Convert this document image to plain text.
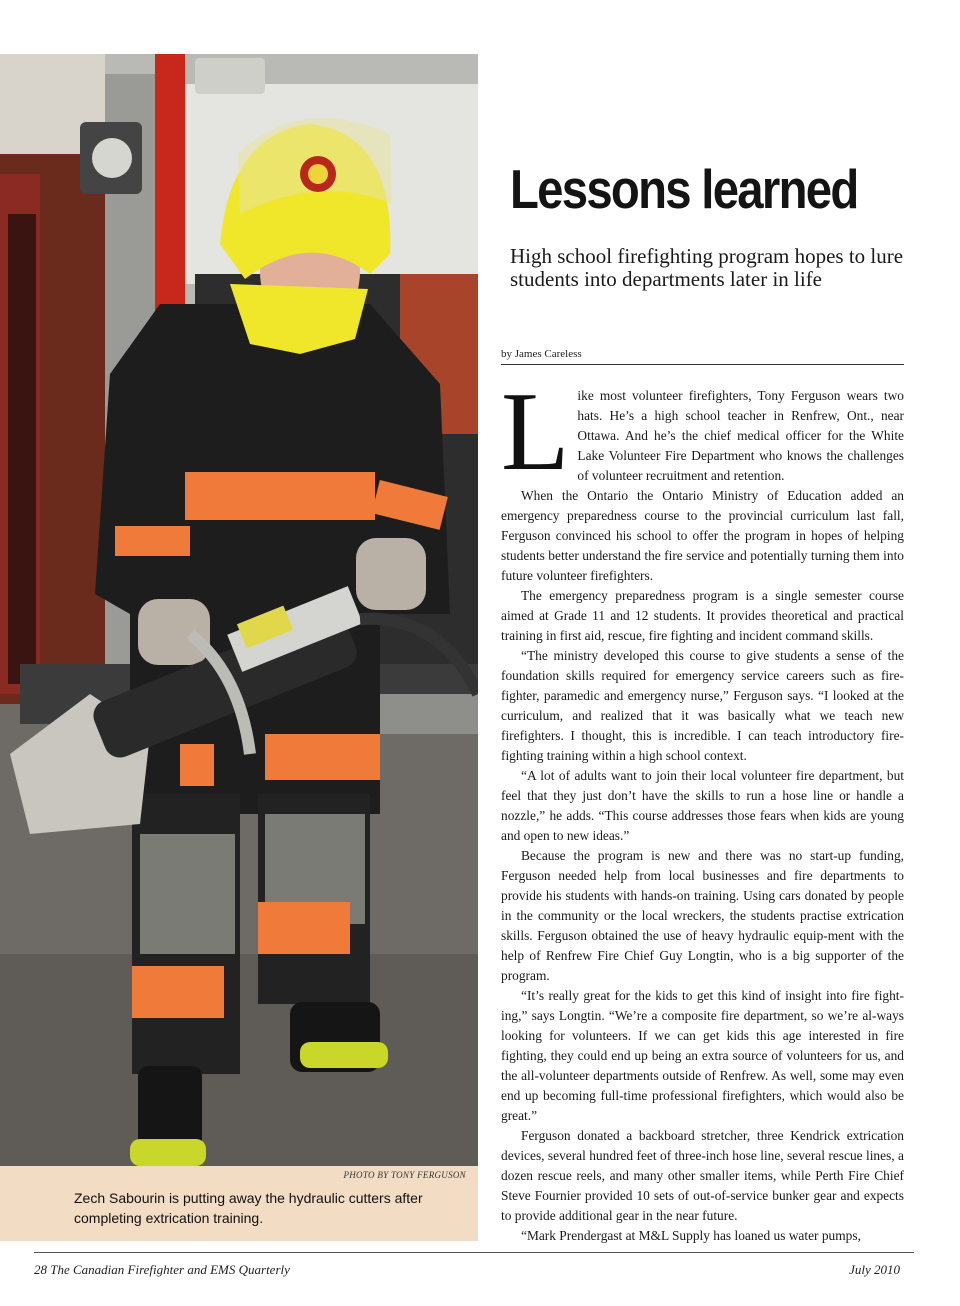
PHOTO BY TONY FERGUSON
Zech Sabourin is putting away the hydraulic cutters after completing extrication training.
Lessons learned
High school firefighting program hopes to lure students into departments later in life
by James Careless

Like most volunteer firefighters, Tony Ferguson wears two hats. He’s a high school teacher in Renfrew, Ont., near Ottawa. And he’s the chief medical officer for the White Lake Volunteer Fire Department who knows the challenges of volunteer recruitment and retention.

When the Ontario the Ontario Ministry of Education added an emergency preparedness course to the provincial curriculum last fall, Ferguson convinced his school to offer the program in hopes of helping students better understand the fire service and potentially turning them into future volunteer firefighters.

The emergency preparedness program is a single semester course aimed at Grade 11 and 12 students. It provides theoretical and practical training in first aid, rescue, fire fighting and incident command skills.

“The ministry developed this course to give students a sense of the foundation skills required for emergency service careers such as fire-fighter, paramedic and emergency nurse,” Ferguson says. “I looked at the curriculum, and realized that it was basically what we teach new firefighters. I thought, this is incredible. I can teach introductory fire-fighting training within a high school context.

“A lot of adults want to join their local volunteer fire department, but feel that they just don’t have the skills to run a hose line or handle a nozzle,” he adds. “This course addresses those fears when kids are young and open to new ideas.”

Because the program is new and there was no start-up funding, Ferguson needed help from local businesses and fire departments to provide his students with hands-on training. Using cars donated by people in the community or the local wreckers, the students practise extrication skills. Ferguson obtained the use of heavy hydraulic equip-ment with the help of Renfrew Fire Chief Guy Longtin, who is a big supporter of the program.

“It’s really great for the kids to get this kind of insight into fire fight-ing,” says Longtin. “We’re a composite fire department, so we’re al-ways looking for volunteers. If we can get kids this age interested in fire fighting, they could end up being an extra source of volunteers for us, and the all-volunteer departments outside of Renfrew. As well, some may even end up becoming full-time professional firefighters, which would also be great.”

Ferguson donated a backboard stretcher, three Kendrick extrication devices, several hundred feet of three-inch hose line, several rescue lines, a dozen rescue reels, and many other smaller items, while Perth Fire Chief Steve Fournier provided 10 sets of out-of-service bunker gear and expects to provide additional gear in the near future.

“Mark Prendergast at M&L Supply has loaned us water pumps,

28 The Canadian Firefighter and EMS Quarterly	July 2010
